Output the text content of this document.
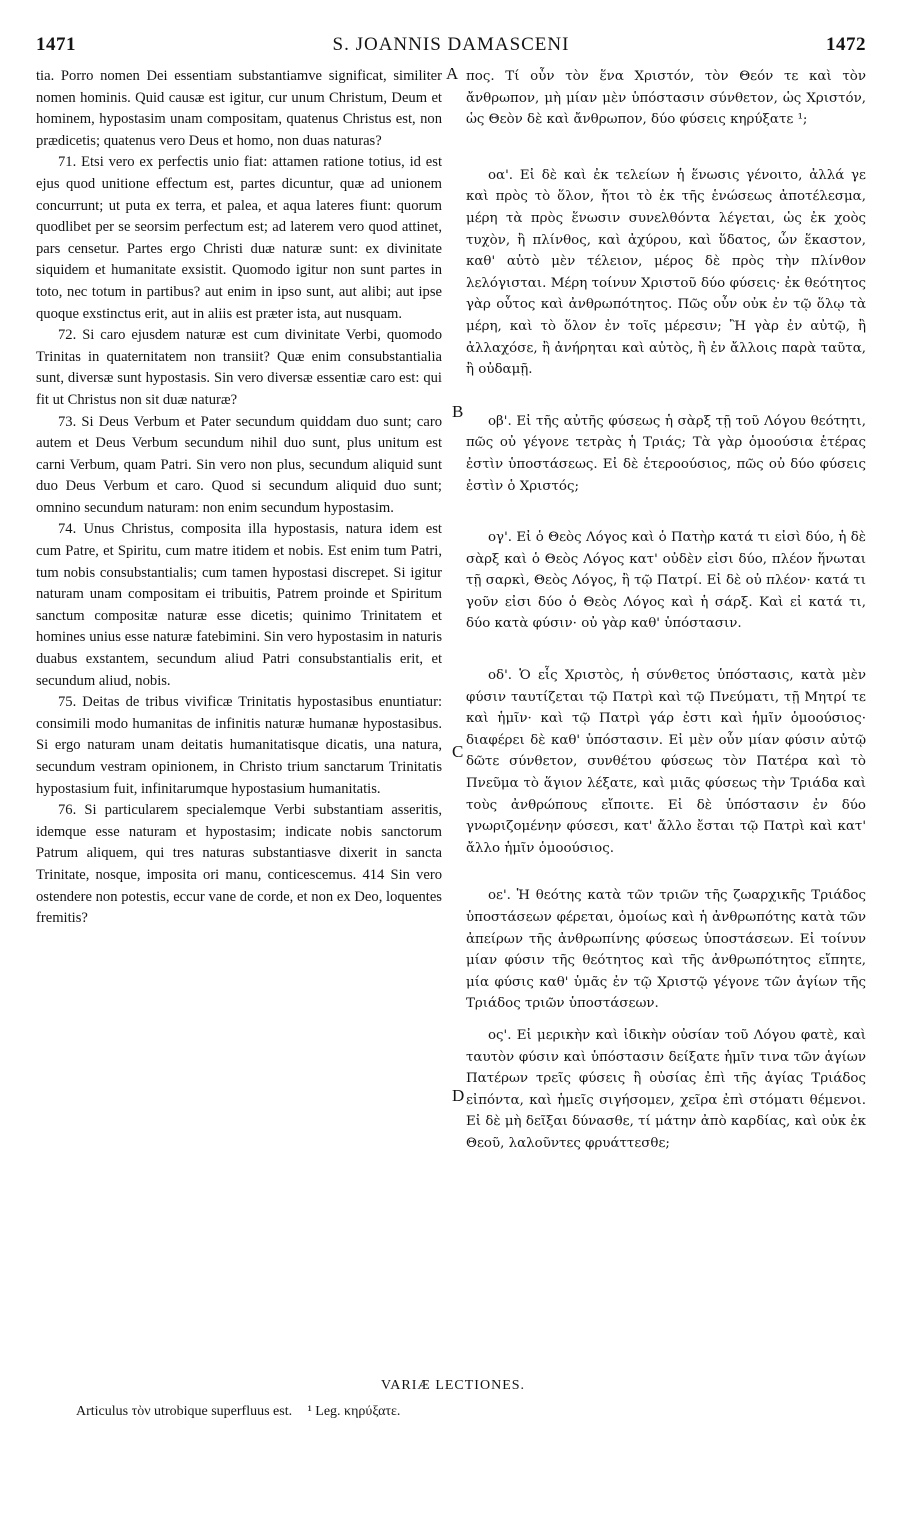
1471	S. JOANNIS DAMASCENI	1472

tia. Porro nomen Dei essentiam substantiamve significat, similiter nomen hominis. Quid causæ est igitur, cur unum Christum, Deum et hominem, hypostasim unam compositam, quatenus Christus est, non prædicetis; quatenus vero Deus et homo, non duas naturas?

71. Etsi vero ex perfectis unio fiat: attamen ratione totius, id est ejus quod unitione effectum est, partes dicuntur, quæ ad unionem concurrunt; ut puta ex terra, et palea, et aqua lateres fiunt: quorum quodlibet per se seorsim perfectum est; ad laterem vero quod attinet, pars censetur. Partes ergo Christi duæ naturæ sunt: ex divinitate siquidem et humanitate exsistit. Quomodo igitur non sunt partes in toto, nec totum in partibus? aut enim in ipso sunt, aut alibi; aut ipse quoque exstinctus erit, aut in aliis est præter ista, aut nusquam.

72. Si caro ejusdem naturæ est cum divinitate Verbi, quomodo Trinitas in quaternitatem non transiit? Quæ enim consubstantialia sunt, diversæ sunt hypostasis. Sin vero diversæ essentiæ caro est: qui fit ut Christus non sit duæ naturæ?

73. Si Deus Verbum et Pater secundum quiddam duo sunt; caro autem et Deus Verbum secundum nihil duo sunt, plus unitum est carni Verbum, quam Patri. Sin vero non plus, secundum aliquid sunt duo Deus Verbum et caro. Quod si secundum aliquid duo sunt; omnino secundum naturam: non enim secundum hypostasim.

74. Unus Christus, composita illa hypostasis, natura idem est cum Patre, et Spiritu, cum matre itidem et nobis. Est enim tum Patri, tum nobis consubstantialis; cum tamen hypostasi discrepet. Si igitur naturam unam compositam ei tribuitis, Patrem proinde et Spiritum sanctum compositæ naturæ esse dicetis; quinimo Trinitatem et homines unius esse naturæ fatebimini. Sin vero hypostasim in naturis duabus exstantem, secundum aliud Patri consubstantialis erit, et secundum aliud, nobis.

75. Deitas de tribus vivificæ Trinitatis hypostasibus enuntiatur: consimili modo humanitas de infinitis naturæ humanæ hypostasibus. Si ergo naturam unam deitatis humanitatisque dicatis, una natura, secundum vestram opinionem, in Christo trium sanctarum Trinitatis hypostasium fuit, infinitarumque hypostasium humanitatis.

76. Si particularem specialemque Verbi substantiam asseritis, idemque esse naturam et hypostasim; indicate nobis sanctorum Patrum aliquem, qui tres naturas substantiasve dixerit in sancta Trinitate, nosque, imposita ori manu, conticescemus. 414 Sin vero ostendere non potestis, eccur vane de corde, et non ex Deo, loquentes fremitis?

πος. Τί οὖν τὸν ἕνα Χριστόν, τὸν Θεόν τε καὶ τὸν ἄνθρωπον, μὴ μίαν μὲν ὑπόστασιν σύνθετον, ὡς Χριστόν, ὡς Θεὸν δὲ καὶ ἄνθρωπον, δύο φύσεις κηρύξατε ¹;

οα'. Εἰ δὲ καὶ ἐκ τελείων ἡ ἕνωσις γένοιτο, ἀλλά γε καὶ πρὸς τὸ ὅλον, ἤτοι τὸ ἐκ τῆς ἑνώσεως ἀποτέλεσμα, μέρη τὰ πρὸς ἕνωσιν συνελθόντα λέγεται, ὡς ἐκ χοὸς τυχὸν, ἢ πλίνθος, καὶ ἀχύρου, καὶ ὕδατος, ὧν ἕκαστον, καθ' αὑτὸ μὲν τέλειον, μέρος δὲ πρὸς τὴν πλίνθον λελόγισται. Μέρη τοίνυν Χριστοῦ δύο φύσεις· ἐκ θεότητος γὰρ οὗτος καὶ ἀνθρωπότητος. Πῶς οὖν οὐκ ἐν τῷ ὅλῳ τὰ μέρη, καὶ τὸ ὅλον ἐν τοῖς μέρεσιν; Ἢ γὰρ ἐν αὐτῷ, ἢ ἀλλαχόσε, ἢ ἀνήρηται καὶ αὐτὸς, ἢ ἐν ἄλλοις παρὰ ταῦτα, ἢ οὐδαμῇ.

οβ'. Εἰ τῆς αὐτῆς φύσεως ἡ σὰρξ τῇ τοῦ Λόγου θεότητι, πῶς οὐ γέγονε τετρὰς ἡ Τριάς; Τὰ γὰρ ὁμοούσια ἑτέρας ἐστὶν ὑποστάσεως. Εἰ δὲ ἑτεροούσιος, πῶς οὐ δύο φύσεις ἐστὶν ὁ Χριστός;

ογ'. Εἰ ὁ Θεὸς Λόγος καὶ ὁ Πατὴρ κατά τι εἰσὶ δύο, ἡ δὲ σὰρξ καὶ ὁ Θεὸς Λόγος κατ' οὐδὲν εἰσι δύο, πλέον ἥνωται τῇ σαρκὶ, Θεὸς Λόγος, ἢ τῷ Πατρί. Εἰ δὲ οὐ πλέον· κατά τι γοῦν εἰσι δύο ὁ Θεὸς Λόγος καὶ ἡ σάρξ. Καὶ εἰ κατά τι, δύο κατὰ φύσιν· οὐ γὰρ καθ' ὑπόστασιν.

οδ'. Ὁ εἷς Χριστὸς, ἡ σύνθετος ὑπόστασις, κατὰ μὲν φύσιν ταυτίζεται τῷ Πατρὶ καὶ τῷ Πνεύματι, τῇ Μητρί τε καὶ ἡμῖν· καὶ τῷ Πατρὶ γάρ ἐστι καὶ ἡμῖν ὁμοούσιος· διαφέρει δὲ καθ' ὑπόστασιν. Εἰ μὲν οὖν μίαν φύσιν αὐτῷ δῶτε σύνθετον, συνθέτου φύσεως τὸν Πατέρα καὶ τὸ Πνεῦμα τὸ ἅγιον λέξατε, καὶ μιᾶς φύσεως τὴν Τριάδα καὶ τοὺς ἀνθρώπους εἴποιτε. Εἰ δὲ ὑπόστασιν ἐν δύο γνωριζομένην φύσεσι, κατ' ἄλλο ἔσται τῷ Πατρὶ καὶ κατ' ἄλλο ἡμῖν ὁμοούσιος.

οε'. Ἡ θεότης κατὰ τῶν τριῶν τῆς ζωαρχικῆς Τριάδος ὑποστάσεων φέρεται, ὁμοίως καὶ ἡ ἀνθρωπότης κατὰ τῶν ἀπείρων τῆς ἀνθρωπίνης φύσεως ὑποστάσεων. Εἰ τοίνυν μίαν φύσιν τῆς θεότητος καὶ τῆς ἀνθρωπότητος εἴπητε, μία φύσις καθ' ὑμᾶς ἐν τῷ Χριστῷ γέγονε τῶν ἁγίων τῆς Τριάδος τριῶν ὑποστάσεων.

ος'. Εἰ μερικὴν καὶ ἰδικὴν οὐσίαν τοῦ Λόγου φατὲ, καὶ ταυτὸν φύσιν καὶ ὑπόστασιν δείξατε ἡμῖν τινα τῶν ἁγίων Πατέρων τρεῖς φύσεις ἢ οὐσίας ἐπὶ τῆς ἁγίας Τριάδος εἰπόντα, καὶ ἡμεῖς σιγήσομεν, χεῖρα ἐπὶ στόματι θέμενοι. Εἰ δὲ μὴ δεῖξαι δύνασθε, τί μάτην ἀπὸ καρδίας, καὶ οὐκ ἐκ Θεοῦ, λαλοῦντες φρυάττεσθε;

A
B
C
D
VARIÆ LECTIONES.
Articulus τὸν utrobique superfluus est. ¹ Leg. κηρύξατε.
